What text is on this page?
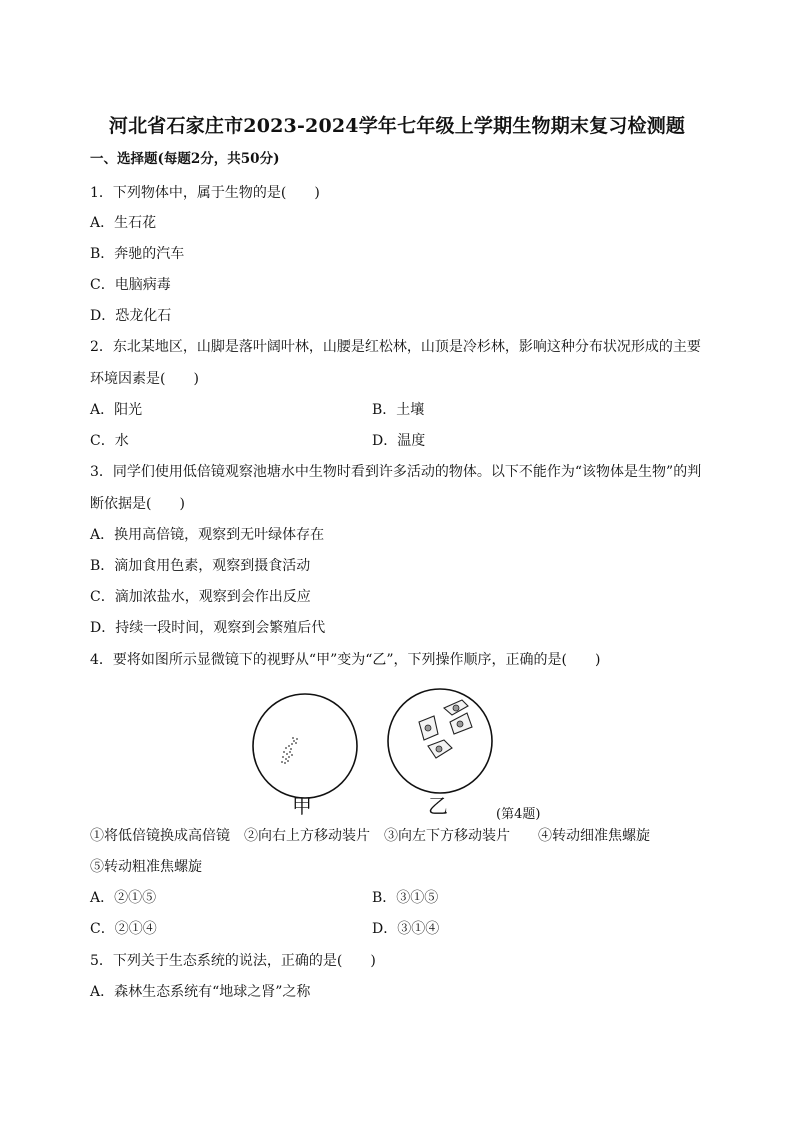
河北省石家庄市2023-2024学年七年级上学期生物期末复习检测题
一、选择题(每题2分，共50分)
1．下列物体中，属于生物的是(　　)
A．生石花
B．奔驰的汽车
C．电脑病毒
D．恐龙化石
2．东北某地区，山脚是落叶阔叶林，山腰是红松林，山顶是冷杉林，影响这种分布状况形成的主要
环境因素是(　　)
A．阳光	B．土壤
C．水	D．温度
3．同学们使用低倍镜观察池塘水中生物时看到许多活动的物体。以下不能作为“该物体是生物”的判
断依据是(　　)
A．换用高倍镜，观察到无叶绿体存在
B．滴加食用色素，观察到摄食活动
C．滴加浓盐水，观察到会作出反应
D．持续一段时间，观察到会繁殖后代
4．要将如图所示显微镜下的视野从“甲”变为“乙”，下列操作顺序，正确的是(　　)
甲	乙	(第4题)
①将低倍镜换成高倍镜　②向右上方移动装片　③向左下方移动装片　　④转动细准焦螺旋
⑤转动粗准焦螺旋
A．②①⑤	B．③①⑤
C．②①④	D．③①④
5．下列关于生态系统的说法，正确的是(　　)
A．森林生态系统有“地球之肾”之称
